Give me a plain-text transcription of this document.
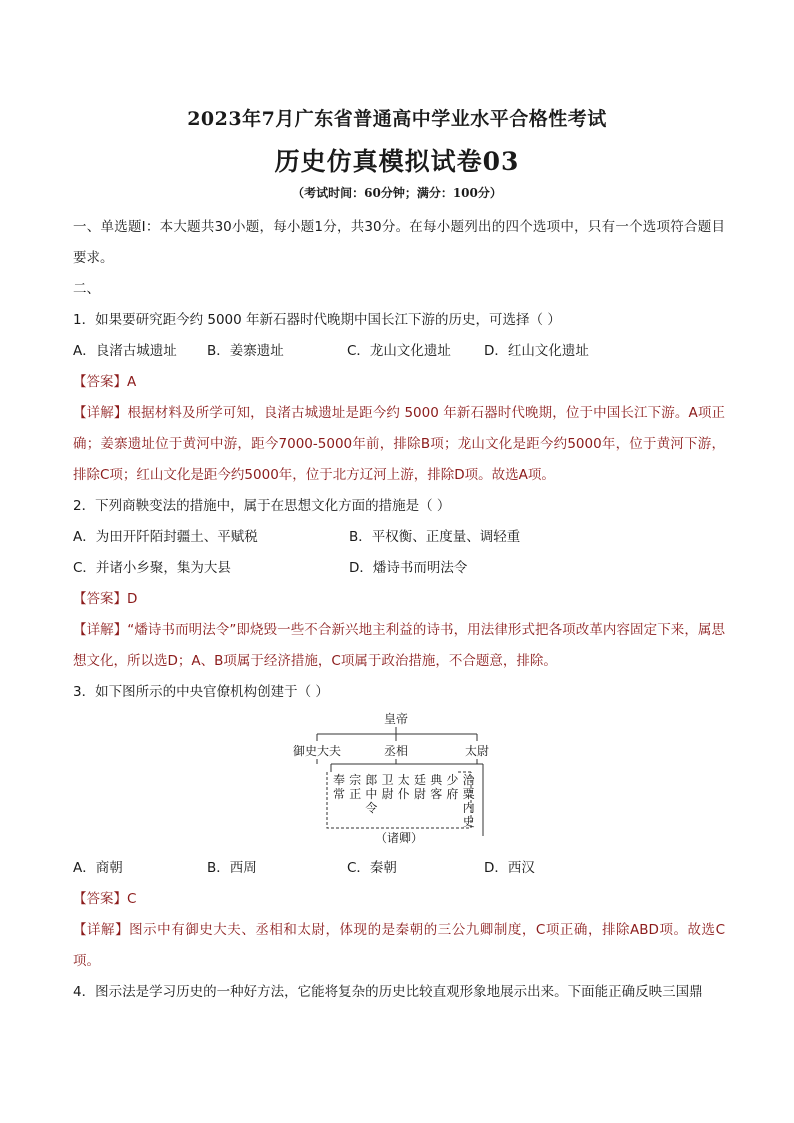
2023年7月广东省普通高中学业水平合格性考试
历史仿真模拟试卷03
（考试时间：60分钟；满分：100分）

一、单选题Ⅰ：本大题共30小题，每小题1分，共30分。在每小题列出的四个选项中，只有一个选项符合题目要求。

二、

1．如果要研究距今约 5000 年新石器时代晚期中国长江下游的历史，可选择（ ）

A．良渚古城遗址	B．姜寨遗址	C．龙山文化遗址	D．红山文化遗址

【答案】A

【详解】根据材料及所学可知，良渚古城遗址是距今约 5000 年新石器时代晚期，位于中国长江下游。A项正确；姜寨遗址位于黄河中游，距今7000-5000年前，排除B项；龙山文化是距今约5000年，位于黄河下游，排除C项；红山文化是距今约5000年，位于北方辽河上游，排除D项。故选A项。

2．下列商鞅变法的措施中，属于在思想文化方面的措施是（ ）

A．为田开阡陌封疆土、平赋税	B．平权衡、正度量、调轻重
C．并诸小乡聚，集为大县	D．燔诗书而明法令

【答案】D

【详解】“燔诗书而明法令”即烧毁一些不合新兴地主利益的诗书，用法律形式把各项改革内容固定下来，属思想文化，所以选D；A、B项属于经济措施，C项属于政治措施，不合题意，排除。

3．如下图所示的中央官僚机构创建于（ ）

皇帝
御史大夫	丞相	太尉
奉常
宗正
郎中令
卫尉
太仆
廷尉
典客
少府
治粟内史
（诸卿）
A．商朝	B．西周	C．秦朝	D．西汉

【答案】C

【详解】图示中有御史大夫、丞相和太尉，体现的是秦朝的三公九卿制度，C项正确，排除ABD项。故选C项。

4．图示法是学习历史的一种好方法，它能将复杂的历史比较直观形象地展示出来。下面能正确反映三国鼎
